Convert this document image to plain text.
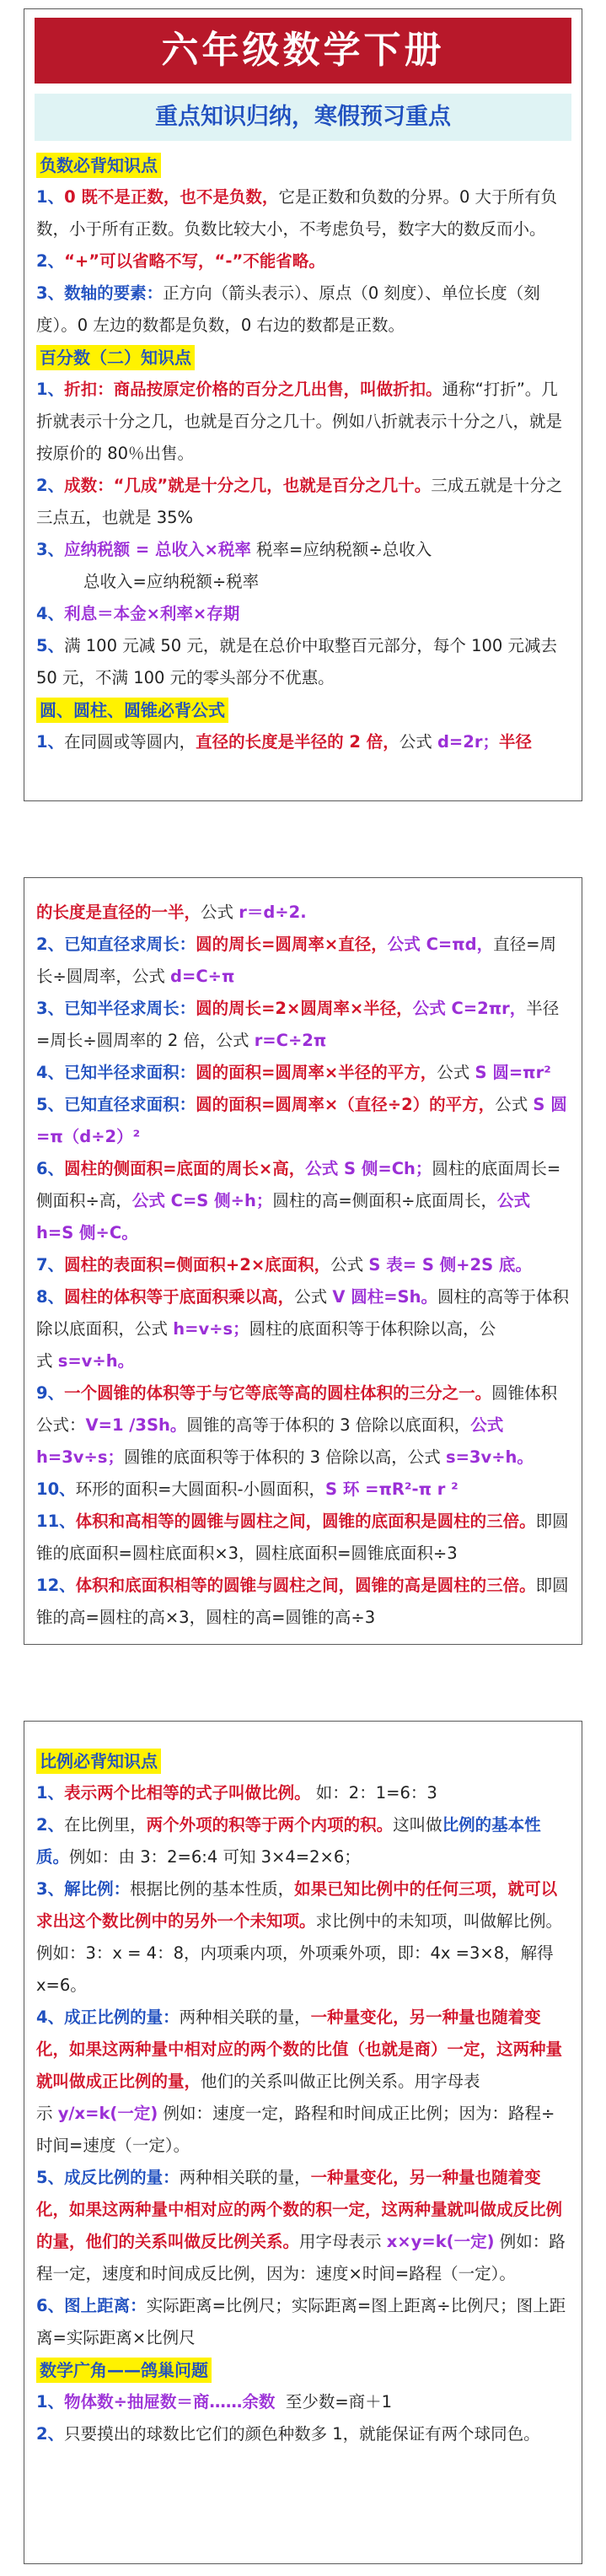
六年级数学下册
重点知识归纳，寒假预习重点
负数必背知识点

1、0 既不是正数，也不是负数，它是正数和负数的分界。0 大于所有负数，小于所有正数。负数比较大小，不考虑负号，数字大的数反而小。

2、“+”可以省略不写，“-”不能省略。

3、数轴的要素：正方向（箭头表示）、原点（0 刻度）、单位长度（刻度）。0 左边的数都是负数，0 右边的数都是正数。

百分数（二）知识点

1、折扣：商品按原定价格的百分之几出售，叫做折扣。通称“打折”。几折就表示十分之几，也就是百分之几十。例如八折就表示十分之八，就是按原价的 80％出售。

2、成数：“几成”就是十分之几，也就是百分之几十。三成五就是十分之三点五，也就是 35%

3、应纳税额 = 总收入×税率 税率=应纳税额÷总收入

总收入=应纳税额÷税率

4、利息＝本金×利率×存期

5、满 100 元减 50 元，就是在总价中取整百元部分，每个 100 元减去 50 元，不满 100 元的零头部分不优惠。

圆、圆柱、圆锥必背公式

1、在同圆或等圆内，直径的长度是半径的 2 倍，公式 d=2r；半径

的长度是直径的一半，公式 r＝d÷2.

2、已知直径求周长：圆的周长=圆周率×直径，公式 C=πd，直径=周长÷圆周率，公式 d=C÷π

3、已知半径求周长：圆的周长=2×圆周率×半径，公式 C=2πr，半径=周长÷圆周率的 2 倍，公式 r=C÷2π

4、已知半径求面积：圆的面积=圆周率×半径的平方，公式 S 圆=πr²

5、已知直径求面积：圆的面积=圆周率×（直径÷2）的平方，公式 S 圆 =π（d÷2）²

6、圆柱的侧面积=底面的周长×高，公式 S 侧=Ch；圆柱的底面周长=侧面积÷高，公式 C=S 侧÷h；圆柱的高=侧面积÷底面周长，公式 h=S 侧÷C。

7、圆柱的表面积=侧面积+2×底面积，公式 S 表= S 侧+2S 底。

8、圆柱的体积等于底面积乘以高，公式 V 圆柱=Sh。圆柱的高等于体积除以底面积，公式 h=v÷s；圆柱的底面积等于体积除以高，公式 s=v÷h。

9、一个圆锥的体积等于与它等底等高的圆柱体积的三分之一。圆锥体积公式：V=1 /3Sh。圆锥的高等于体积的 3 倍除以底面积，公式 h=3v÷s；圆锥的底面积等于体积的 3 倍除以高，公式 s=3v÷h。

10、环形的面积=大圆面积-小圆面积，S 环 =πR²-π r ²

11、体积和高相等的圆锥与圆柱之间，圆锥的底面积是圆柱的三倍。即圆锥的底面积=圆柱底面积×3，圆柱底面积=圆锥底面积÷3

12、体积和底面积相等的圆锥与圆柱之间，圆锥的高是圆柱的三倍。即圆锥的高=圆柱的高×3，圆柱的高=圆锥的高÷3

比例必背知识点

1、表示两个比相等的式子叫做比例。 如：2：1=6：3

2、在比例里，两个外项的积等于两个内项的积。这叫做比例的基本性质。例如：由 3：2=6:4 可知 3×4=2×6；

3、解比例：根据比例的基本性质，如果已知比例中的任何三项，就可以求出这个数比例中的另外一个未知项。求比例中的未知项，叫做解比例。例如：3：x = 4：8，内项乘内项，外项乘外项，即：4x =3×8，解得 x=6。

4、成正比例的量：两种相关联的量，一种量变化，另一种量也随着变化，如果这两种量中相对应的两个数的比值（也就是商）一定，这两种量就叫做成正比例的量，他们的关系叫做正比例关系。用字母表示 y/x=k(一定) 例如：速度一定，路程和时间成正比例；因为：路程÷时间=速度（一定）。

5、成反比例的量：两种相关联的量，一种量变化，另一种量也随着变化，如果这两种量中相对应的两个数的积一定，这两种量就叫做成反比例的量，他们的关系叫做反比例关系。用字母表示 x×y=k(一定) 例如：路程一定，速度和时间成反比例，因为：速度×时间=路程（一定）。

6、图上距离：实际距离=比例尺；实际距离=图上距离÷比例尺；图上距离=实际距离×比例尺

数学广角——鸽巢问题

1、物体数÷抽屉数＝商……余数 至少数=商＋1

2、只要摸出的球数比它们的颜色种数多 1，就能保证有两个球同色。
